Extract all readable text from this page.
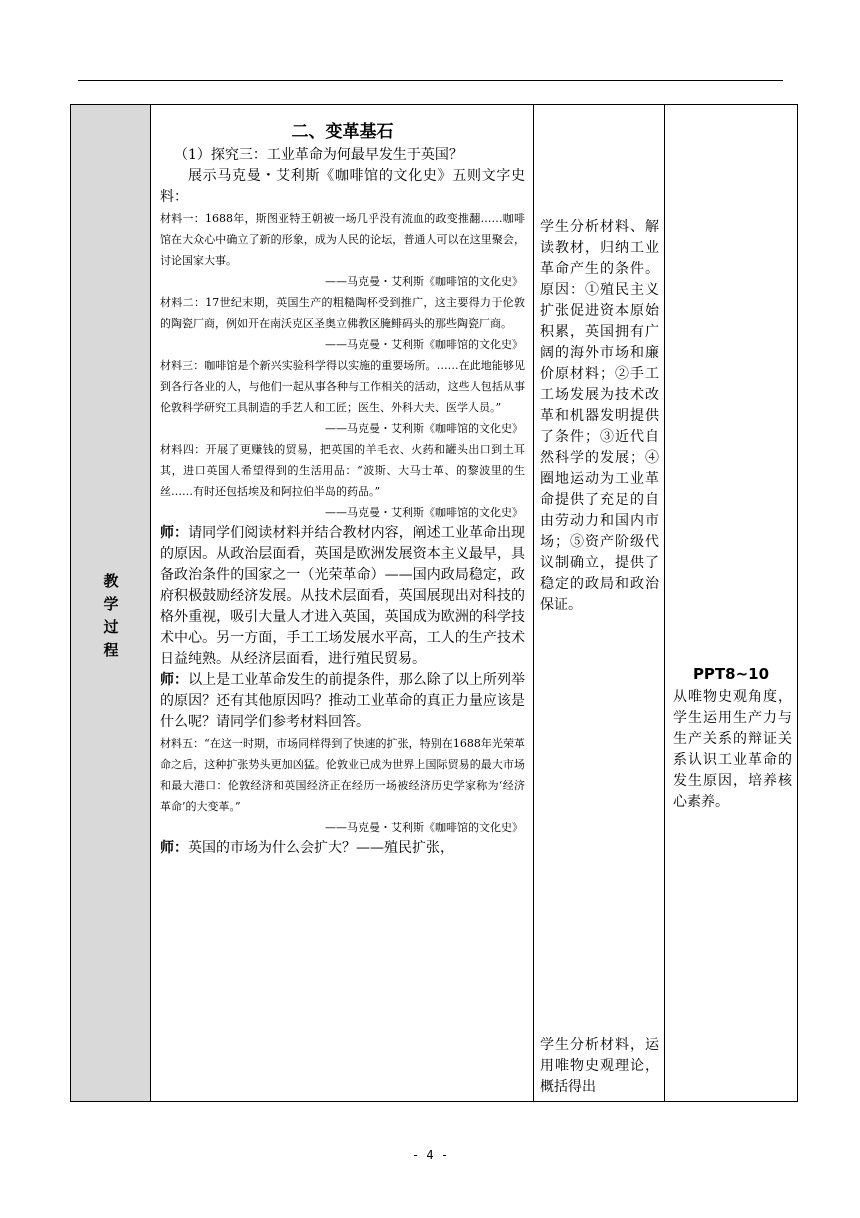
教
学
过
程
二、变革基石

（1）探究三：工业革命为何最早发生于英国？

展示马克曼・艾利斯《咖啡馆的文化史》五则文字史料：

材料一：1688年，斯图亚特王朝被一场几乎没有流血的政变推翻……咖啡馆在大众心中确立了新的形象，成为人民的论坛，普通人可以在这里聚会，讨论国家大事。

——马克曼・艾利斯《咖啡馆的文化史》

材料二：17世纪末期，英国生产的粗糙陶杯受到推广，这主要得力于伦敦的陶瓷厂商，例如开在南沃克区圣奥立佛教区腌鲱码头的那些陶瓷厂商。

——马克曼・艾利斯《咖啡馆的文化史》

材料三：咖啡馆是个新兴实验科学得以实施的重要场所。……在此地能够见到各行各业的人，与他们一起从事各种与工作相关的活动，这些人包括从事伦敦科学研究工具制造的手艺人和工匠；医生、外科大夫、医学人员。”

——马克曼・艾利斯《咖啡馆的文化史》

材料四：开展了更赚钱的贸易，把英国的羊毛衣、火药和罐头出口到土耳其，进口英国人希望得到的生活用品：“波斯、大马士革、的黎波里的生丝……有时还包括埃及和阿拉伯半岛的药品。”

——马克曼・艾利斯《咖啡馆的文化史》

师：请同学们阅读材料并结合教材内容，阐述工业革命出现的原因。从政治层面看，英国是欧洲发展资本主义最早，具备政治条件的国家之一（光荣革命）——国内政局稳定，政府积极鼓励经济发展。从技术层面看，英国展现出对科技的格外重视，吸引大量人才进入英国，英国成为欧洲的科学技术中心。另一方面，手工工场发展水平高，工人的生产技术日益纯熟。从经济层面看，进行殖民贸易。

师：以上是工业革命发生的前提条件，那么除了以上所列举的原因？还有其他原因吗？推动工业革命的真正力量应该是什么呢？请同学们参考材料回答。

材料五：“在这一时期，市场同样得到了快速的扩张，特别在1688年光荣革命之后，这种扩张势头更加凶猛。伦敦业已成为世界上国际贸易的最大市场和最大港口：伦敦经济和英国经济正在经历一场被经济历史学家称为‘经济革命’的大变革。”

——马克曼・艾利斯《咖啡馆的文化史》

师：英国的市场为什么会扩大？——殖民扩张，

学生分析材料、解读教材，归纳工业革命产生的条件。原因：①殖民主义扩张促进资本原始积累，英国拥有广阔的海外市场和廉价原材料；②手工工场发展为技术改革和机器发明提供了条件；③近代自然科学的发展；④圈地运动为工业革命提供了充足的自由劳动力和国内市场；⑤资产阶级代议制确立，提供了稳定的政局和政治保证。

学生分析材料，运用唯物史观理论，概括得出

PPT8~10
从唯物史观角度，学生运用生产力与生产关系的辩证关系认识工业革命的发生原因，培养核心素养。
- 4 -
